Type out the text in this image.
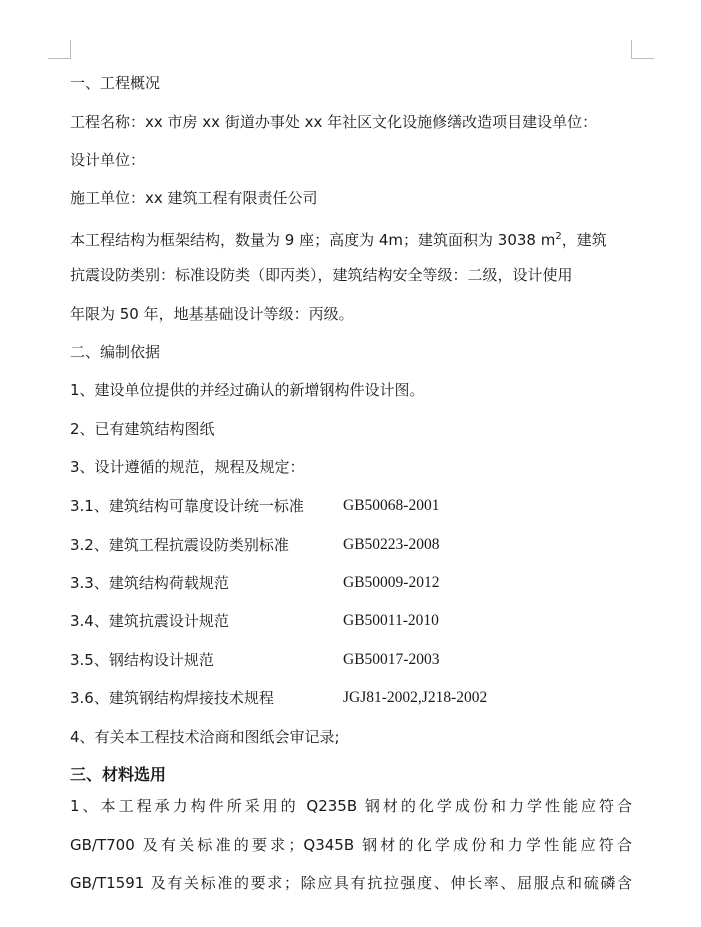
一、工程概况
工程名称：xx 市房 xx 街道办事处 xx 年社区文化设施修缮改造项目建设单位：
设计单位：
施工单位：xx 建筑工程有限责任公司
本工程结构为框架结构，数量为 9 座；高度为 4m；建筑面积为 3038 $m^2$，建筑
抗震设防类别：标准设防类（即丙类），建筑结构安全等级：二级，设计使用
年限为 50 年，地基基础设计等级：丙级。
二、编制依据
1、建设单位提供的并经过确认的新增钢构件设计图。
2、已有建筑结构图纸
3、设计遵循的规范，规程及规定：
3.1、建筑结构可靠度设计统一标准	GB50068-2001
3.2、建筑工程抗震设防类别标准	GB50223-2008
3.3、建筑结构荷载规范	GB50009-2012
3.4、建筑抗震设计规范	GB50011-2010
3.5、钢结构设计规范	GB50017-2003
3.6、建筑钢结构焊接技术规程	JGJ81-2002,J218-2002
4、有关本工程技术洽商和图纸会审记录;
三、材料选用
1、本工程承力构件所采用的 Q235B 钢材的化学成份和力学性能应符合
GB/T700 及有关标准的要求；Q345B 钢材的化学成份和力学性能应符合
GB/T1591 及有关标准的要求；除应具有抗拉强度、伸长率、屈服点和硫磷含
